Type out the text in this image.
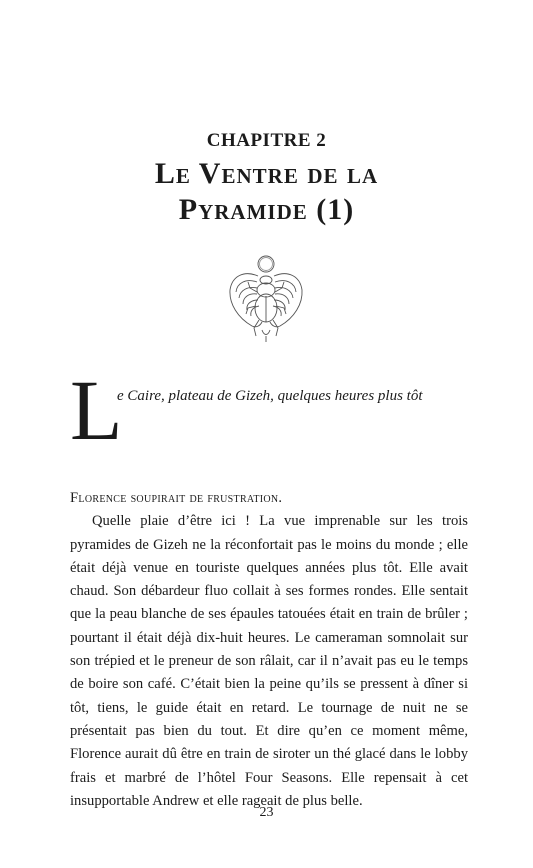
CHAPITRE 2
Le Ventre de la
Pyramide (1)
L
e Caire, plateau de Gizeh, quelques heures plus tôt
Florence soupirait de frustration.
Quelle plaie d’être ici ! La vue imprenable sur les trois pyramides de Gizeh ne la réconfortait pas le moins du monde ; elle était déjà venue en touriste quelques années plus tôt. Elle avait chaud. Son débardeur fluo collait à ses formes rondes. Elle sentait que la peau blanche de ses épaules tatouées était en train de brûler ; pourtant il était déjà dix-huit heures. Le cameraman somnolait sur son trépied et le preneur de son râlait, car il n’avait pas eu le temps de boire son café. C’était bien la peine qu’ils se pressent à dîner si tôt, tiens, le guide était en retard. Le tournage de nuit ne se présentait pas bien du tout. Et dire qu’en ce moment même, Florence aurait dû être en train de siroter un thé glacé dans le lobby frais et marbré de l’hôtel Four Seasons. Elle repensait à cet insupportable Andrew et elle rageait de plus belle.
23
